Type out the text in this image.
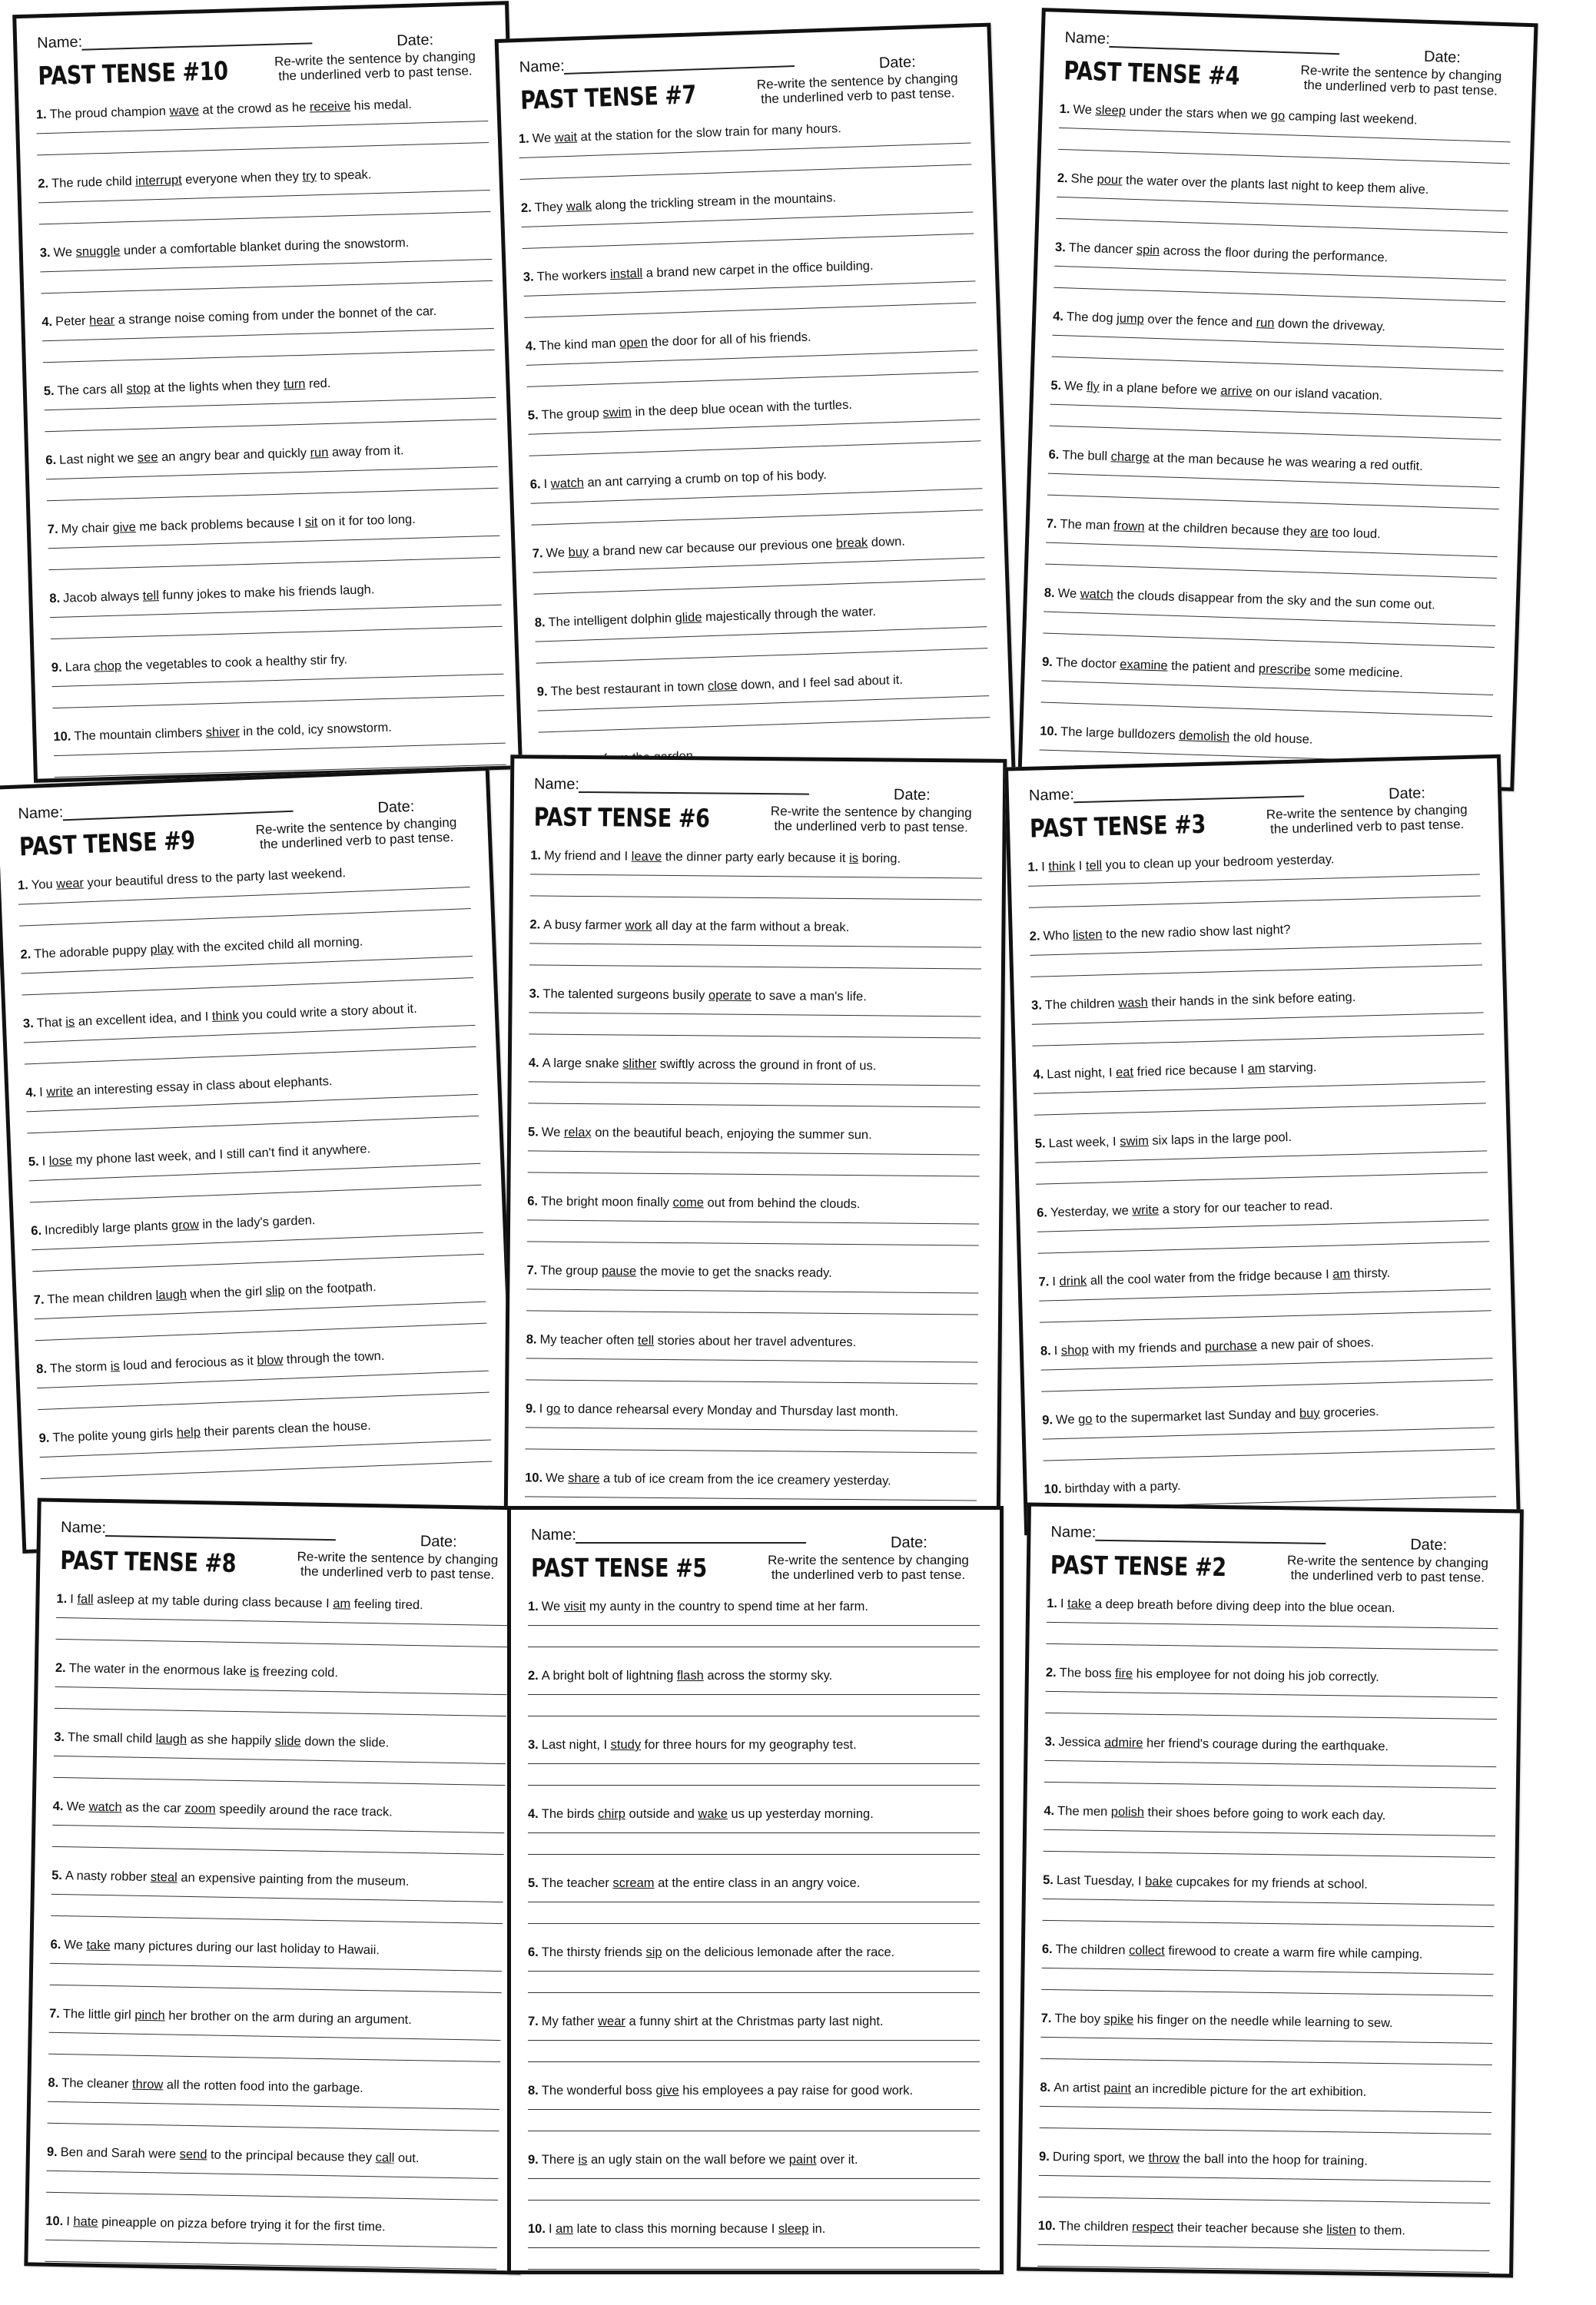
Name:	Date:
PAST TENSE #10	Re-write the sentence by changing the underlined verb to past tense.
1. The proud champion wave at the crowd as he receive his medal.
2. The rude child interrupt everyone when they try to speak.
3. We snuggle under a comfortable blanket during the snowstorm.
4. Peter hear a strange noise coming from under the bonnet of the car.
5. The cars all stop at the lights when they turn red.
6. Last night we see an angry bear and quickly run away from it.
7. My chair give me back problems because I sit on it for too long.
8. Jacob always tell funny jokes to make his friends laugh.
9. Lara chop the vegetables to cook a healthy stir fry.
10. The mountain climbers shiver in the cold, icy snowstorm.
Name:	Date:
PAST TENSE #7	Re-write the sentence by changing the underlined verb to past tense.
1. We wait at the station for the slow train for many hours.
2. They walk along the trickling stream in the mountains.
3. The workers install a brand new carpet in the office building.
4. The kind man open the door for all of his friends.
5. The group swim in the deep blue ocean with the turtles.
6. I watch an ant carrying a crumb on top of his body.
7. We buy a brand new car because our previous one break down.
8. The intelligent dolphin glide majestically through the water.
9. The best restaurant in town close down, and I feel sad about it.
Name:
Date:
PAST TENSE #4	Re-write the sentence by changing the underlined verb to past tense.
1. We sleep under the stars when we go camping last weekend.
2. She pour the water over the plants last night to keep them alive.
3. The dancer spin across the floor during the performance.
4. The dog jump over the fence and run down the driveway.
5. We fly in a plane before we arrive on our island vacation.
6. The bull charge at the man because he was wearing a red outfit.
7. The man frown at the children because they are too loud.
8. We watch the clouds disappear from the sky and the sun come out.
9. The doctor examine the patient and prescribe some medicine.
10. The large bulldozers demolish the old house.
Name:	Date:
PAST TENSE #9	Re-write the sentence by changing the underlined verb to past tense.
1. You wear your beautiful dress to the party last weekend.
2. The adorable puppy play with the excited child all morning.
3. That is an excellent idea, and I think you could write a story about it.
4. I write an interesting essay in class about elephants.
5. I lose my phone last week, and I still can't find it anywhere.
6. Incredibly large plants grow in the lady's garden.
7. The mean children laugh when the girl slip on the footpath.
8. The storm is loud and ferocious as it blow through the town.
9. The polite young girls help their parents clean the house.
Name:
Date:
PAST TENSE #6	Re-write the sentence by changing the underlined verb to past tense.
1. My friend and I leave the dinner party early because it is boring.
2. A busy farmer work all day at the farm without a break.
3. The talented surgeons busily operate to save a man's life.
4. A large snake slither swiftly across the ground in front of us.
5. We relax on the beautiful beach, enjoying the summer sun.
6. The bright moon finally come out from behind the clouds.
7. The group pause the movie to get the snacks ready.
8. My teacher often tell stories about her travel adventures.
9. I go to dance rehearsal every Monday and Thursday last month.
10. We share a tub of ice cream from the ice creamery yesterday.
Name:	Date:
PAST TENSE #3	Re-write the sentence by changing the underlined verb to past tense.
1. I think I tell you to clean up your bedroom yesterday.
2. Who listen to the new radio show last night?
3. The children wash their hands in the sink before eating.
4. Last night, I eat fried rice because I am starving.
5. Last week, I swim six laps in the large pool.
6. Yesterday, we write a story for our teacher to read.
7. I drink all the cool water from the fridge because I am thirsty.
8. I shop with my friends and purchase a new pair of shoes.
9. We go to the supermarket last Sunday and buy groceries.
10. birthday with a party.
Name:
Date:
PAST TENSE #8	Re-write the sentence by changing the underlined verb to past tense.
1. I fall asleep at my table during class because I am feeling tired.
2. The water in the enormous lake is freezing cold.
3. The small child laugh as she happily slide down the slide.
4. We watch as the car zoom speedily around the race track.
5. A nasty robber steal an expensive painting from the museum.
6. We take many pictures during our last holiday to Hawaii.
7. The little girl pinch her brother on the arm during an argument.
8. The cleaner throw all the rotten food into the garbage.
9. Ben and Sarah were send to the principal because they call out.
10. I hate pineapple on pizza before trying it for the first time.
Name:	Date:
PAST TENSE #5	Re-write the sentence by changing the underlined verb to past tense.
1. We visit my aunty in the country to spend time at her farm.
2. A bright bolt of lightning flash across the stormy sky.
3. Last night, I study for three hours for my geography test.
4. The birds chirp outside and wake us up yesterday morning.
5. The teacher scream at the entire class in an angry voice.
6. The thirsty friends sip on the delicious lemonade after the race.
7. My father wear a funny shirt at the Christmas party last night.
8. The wonderful boss give his employees a pay raise for good work.
9. There is an ugly stain on the wall before we paint over it.
10. I am late to class this morning because I sleep in.
Name:
Date:
PAST TENSE #2	Re-write the sentence by changing the underlined verb to past tense.
1. I take a deep breath before diving deep into the blue ocean.
2. The boss fire his employee for not doing his job correctly.
3. Jessica admire her friend's courage during the earthquake.
4. The men polish their shoes before going to work each day.
5. Last Tuesday, I bake cupcakes for my friends at school.
6. The children collect firewood to create a warm fire while camping.
7. The boy spike his finger on the needle while learning to sew.
8. An artist paint an incredible picture for the art exhibition.
9. During sport, we throw the ball into the hoop for training.
10. The children respect their teacher because she listen to them.
